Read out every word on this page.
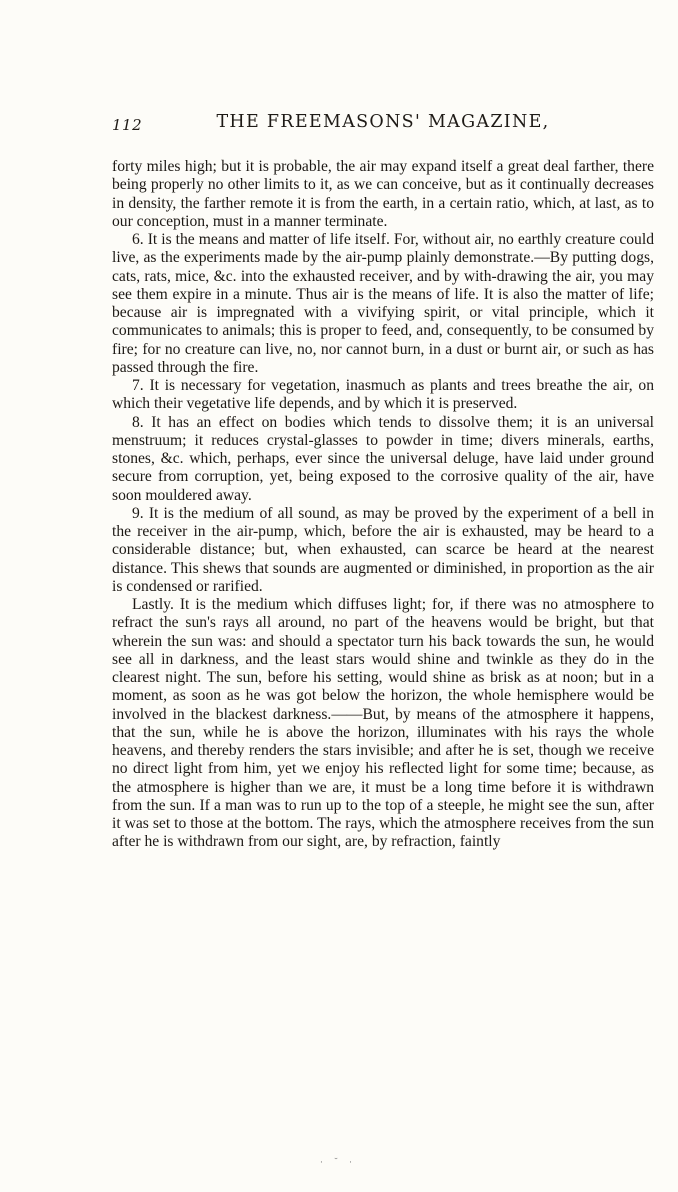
112	THE FREEMASONS' MAGAZINE,

forty miles high; but it is probable, the air may expand itself a great deal farther, there being properly no other limits to it, as we can conceive, but as it continually decreases in density, the farther remote it is from the earth, in a certain ratio, which, at last, as to our conception, must in a manner terminate.

6. It is the means and matter of life itself. For, without air, no earthly creature could live, as the experiments made by the air-pump plainly demonstrate.—By putting dogs, cats, rats, mice, &c. into the exhausted receiver, and by with-drawing the air, you may see them expire in a minute. Thus air is the means of life. It is also the matter of life; because air is impregnated with a vivifying spirit, or vital principle, which it communicates to animals; this is proper to feed, and, consequently, to be consumed by fire; for no creature can live, no, nor cannot burn, in a dust or burnt air, or such as has passed through the fire.

7. It is necessary for vegetation, inasmuch as plants and trees breathe the air, on which their vegetative life depends, and by which it is preserved.

8. It has an effect on bodies which tends to dissolve them; it is an universal menstruum; it reduces crystal-glasses to powder in time; divers minerals, earths, stones, &c. which, perhaps, ever since the universal deluge, have laid under ground secure from corruption, yet, being exposed to the corrosive quality of the air, have soon mouldered away.

9. It is the medium of all sound, as may be proved by the experiment of a bell in the receiver in the air-pump, which, before the air is exhausted, may be heard to a considerable distance; but, when exhausted, can scarce be heard at the nearest distance. This shews that sounds are augmented or diminished, in proportion as the air is condensed or rarified.

Lastly. It is the medium which diffuses light; for, if there was no atmosphere to refract the sun's rays all around, no part of the heavens would be bright, but that wherein the sun was: and should a spectator turn his back towards the sun, he would see all in darkness, and the least stars would shine and twinkle as they do in the clearest night. The sun, before his setting, would shine as brisk as at noon; but in a moment, as soon as he was got below the horizon, the whole hemisphere would be involved in the blackest darkness.——But, by means of the atmosphere it happens, that the sun, while he is above the horizon, illuminates with his rays the whole heavens, and thereby renders the stars invisible; and after he is set, though we receive no direct light from him, yet we enjoy his reflected light for some time; because, as the atmosphere is higher than we are, it must be a long time before it is withdrawn from the sun. If a man was to run up to the top of a steeple, he might see the sun, after it was set to those at the bottom. The rays, which the atmosphere receives from the sun after he is withdrawn from our sight, are, by refraction, faintly

· ˘ ·
